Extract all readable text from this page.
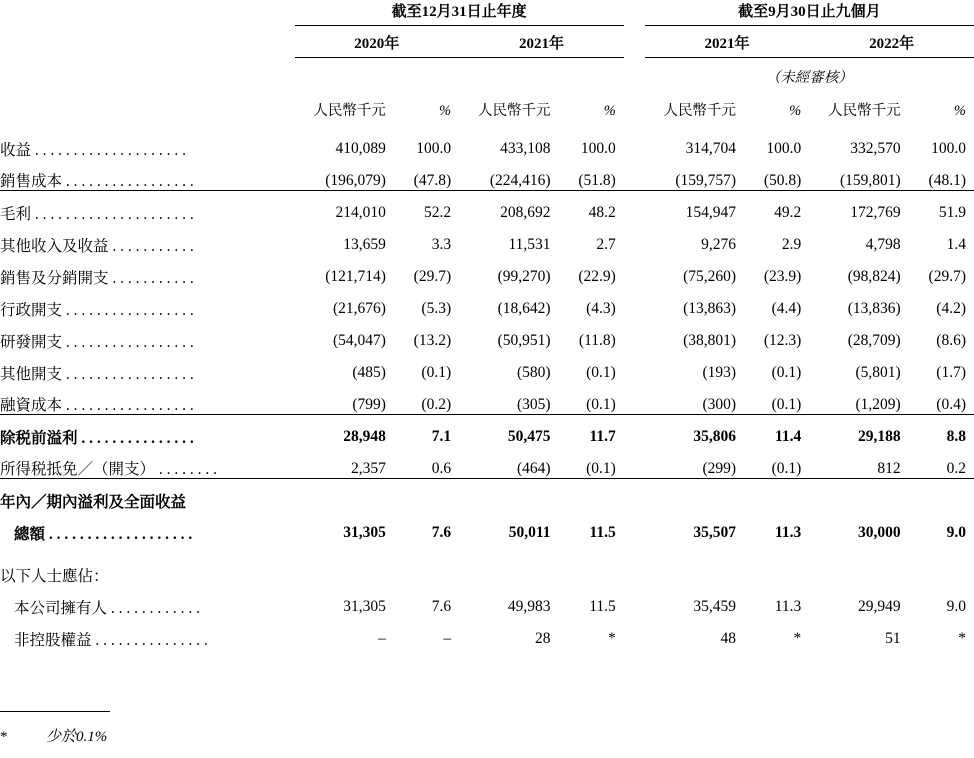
	截至12月31日止年度					截至9月30日止九個月			
	2020年		2021年			2021年		2022年	
						（未經審核）			
	人民幣千元	%	人民幣千元	%		人民幣千元	%	人民幣千元	%
收益 . . . . . . . . . . . . . . . . . . . .	410,089	100.0	433,108	100.0		314,704	100.0	332,570	100.0
銷售成本 . . . . . . . . . . . . . . . . .	(196,079)	(47.8)	(224,416)	(51.8)		(159,757)	(50.8)	(159,801)	(48.1)
毛利 . . . . . . . . . . . . . . . . . . . . .	214,010	52.2	208,692	48.2		154,947	49.2	172,769	51.9
其他收入及收益 . . . . . . . . . . .	13,659	3.3	11,531	2.7		9,276	2.9	4,798	1.4
銷售及分銷開支 . . . . . . . . . . .	(121,714)	(29.7)	(99,270)	(22.9)		(75,260)	(23.9)	(98,824)	(29.7)
行政開支 . . . . . . . . . . . . . . . . .	(21,676)	(5.3)	(18,642)	(4.3)		(13,863)	(4.4)	(13,836)	(4.2)
研發開支 . . . . . . . . . . . . . . . . .	(54,047)	(13.2)	(50,951)	(11.8)		(38,801)	(12.3)	(28,709)	(8.6)
其他開支 . . . . . . . . . . . . . . . . .	(485)	(0.1)	(580)	(0.1)		(193)	(0.1)	(5,801)	(1.7)
融資成本 . . . . . . . . . . . . . . . . .	(799)	(0.2)	(305)	(0.1)		(300)	(0.1)	(1,209)	(0.4)
除税前溢利 . . . . . . . . . . . . . . .	28,948	7.1	50,475	11.7		35,806	11.4	29,188	8.8
所得税抵免／（開支） . . . . . . . .	2,357	0.6	(464)	(0.1)		(299)	(0.1)	812	0.2
年內／期內溢利及全面收益									
總額 . . . . . . . . . . . . . . . . . . .	31,305	7.6	50,011	11.5		35,507	11.3	30,000	9.0

以下人士應佔：									
本公司擁有人 . . . . . . . . . . . .	31,305	7.6	49,983	11.5		35,459	11.3	29,949	9.0
非控股權益 . . . . . . . . . . . . . . .	–	–	28	*		48	*	51	*
*	少於0.1%
